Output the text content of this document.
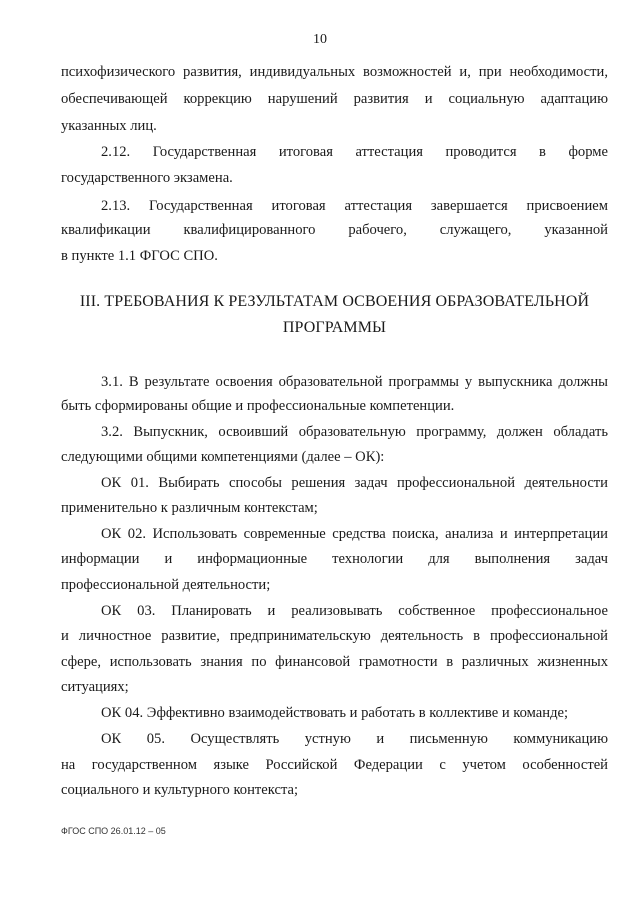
10
психофизического развития, индивидуальных возможностей и, при необходимости,
обеспечивающей коррекцию нарушений развития и социальную адаптацию
указанных лиц.
2.12. Государственная итоговая аттестация проводится в форме
государственного экзамена.
2.13. Государственная итоговая аттестация завершается присвоением
квалификации квалифицированного рабочего, служащего, указанной
в пункте 1.1 ФГОС СПО.
III. ТРЕБОВАНИЯ К РЕЗУЛЬТАТАМ ОСВОЕНИЯ ОБРАЗОВАТЕЛЬНОЙ
ПРОГРАММЫ
3.1. В результате освоения образовательной программы у выпускника должны
быть сформированы общие и профессиональные компетенции.
3.2. Выпускник, освоивший образовательную программу, должен обладать
следующими общими компетенциями (далее – ОК):
ОК 01. Выбирать способы решения задач профессиональной деятельности
применительно к различным контекстам;
ОК 02. Использовать современные средства поиска, анализа и интерпретации
информации и информационные технологии для выполнения задач
профессиональной деятельности;
ОК 03. Планировать и реализовывать собственное профессиональное
и личностное развитие, предпринимательскую деятельность в профессиональной
сфере, использовать знания по финансовой грамотности в различных жизненных
ситуациях;
ОК 04. Эффективно взаимодействовать и работать в коллективе и команде;
ОК 05. Осуществлять устную и письменную коммуникацию
на государственном языке Российской Федерации с учетом особенностей
социального и культурного контекста;
ФГОС СПО 26.01.12 – 05
